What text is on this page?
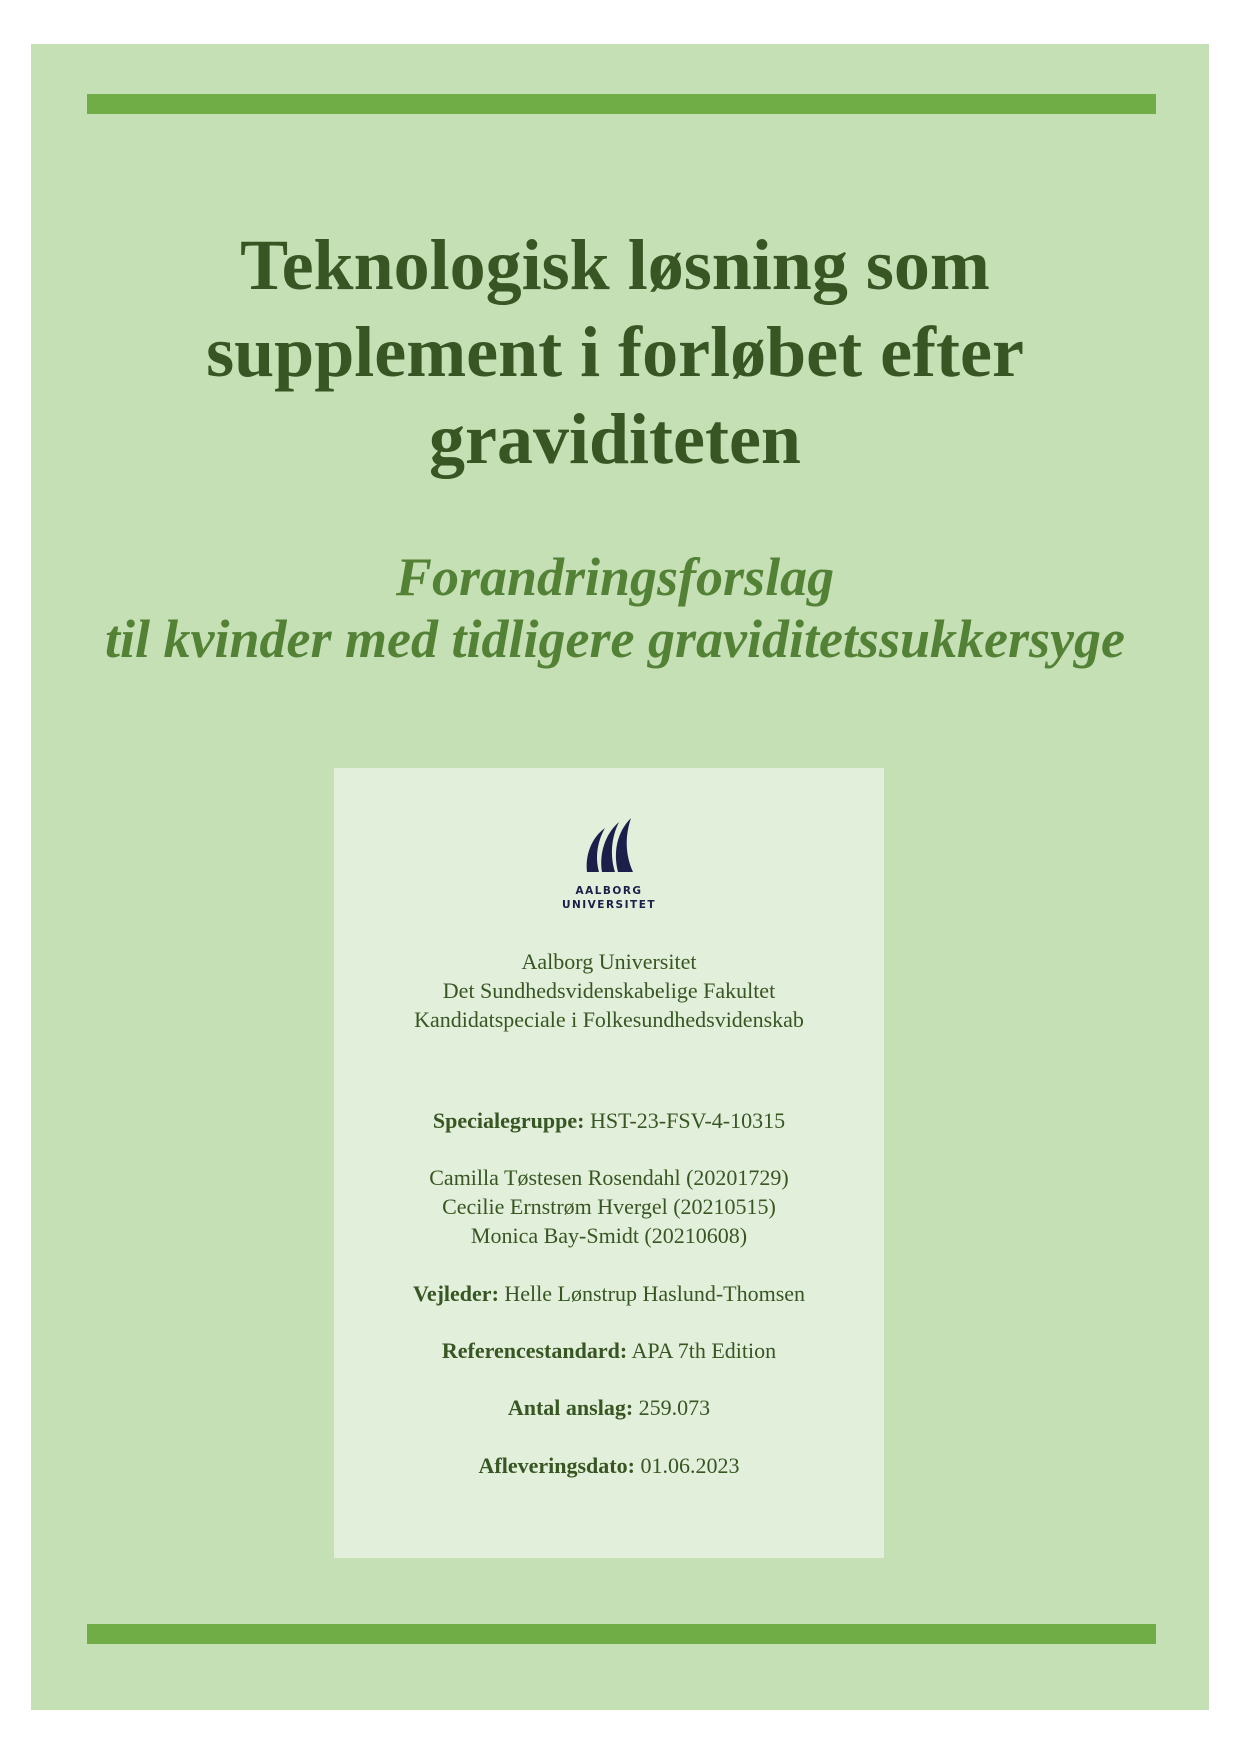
Teknologisk løsning som
supplement i forløbet efter
graviditeten
Forandringsforslag
til kvinder med tidligere graviditetssukkersyge
AALBORG
UNIVERSITET
Aalborg Universitet
Det Sundhedsvidenskabelige Fakultet
Kandidatspeciale i Folkesundhedsvidenskab
Specialegruppe: HST-23-FSV-4-10315
Camilla Tøstesen Rosendahl (20201729)
Cecilie Ernstrøm Hvergel (20210515)
Monica Bay-Smidt (20210608)
Vejleder: Helle Lønstrup Haslund-Thomsen
Referencestandard: APA 7th Edition
Antal anslag: 259.073
Afleveringsdato: 01.06.2023
